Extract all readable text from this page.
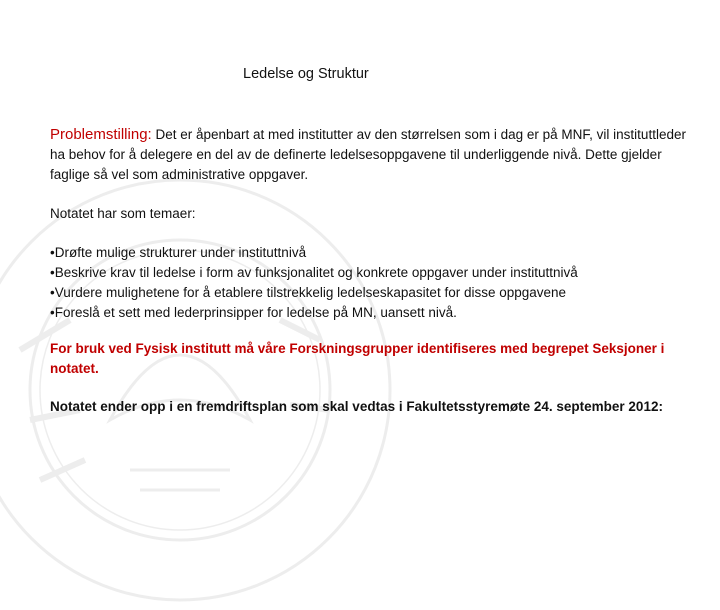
Ledelse og Struktur
Problemstilling: Det er åpenbart at med institutter av den størrelsen som i dag er på MNF, vil instituttleder ha behov for å delegere en del av de definerte ledelsesoppgavene til underliggende nivå. Dette gjelder faglige så vel som administrative oppgaver.
Notatet har som temaer:
•Drøfte mulige strukturer under instituttnivå
•Beskrive krav til ledelse i form av funksjonalitet og konkrete oppgaver under instituttnivå
•Vurdere mulighetene for å etablere tilstrekkelig ledelseskapasitet for disse oppgavene
•Foreslå et sett med lederprinsipper for ledelse på MN, uansett nivå.
For bruk ved Fysisk institutt må våre Forskningsgrupper identifiseres med begrepet Seksjoner i notatet.
Notatet ender opp i en fremdriftsplan som skal vedtas i Fakultetsstyremøte 24. september 2012:
